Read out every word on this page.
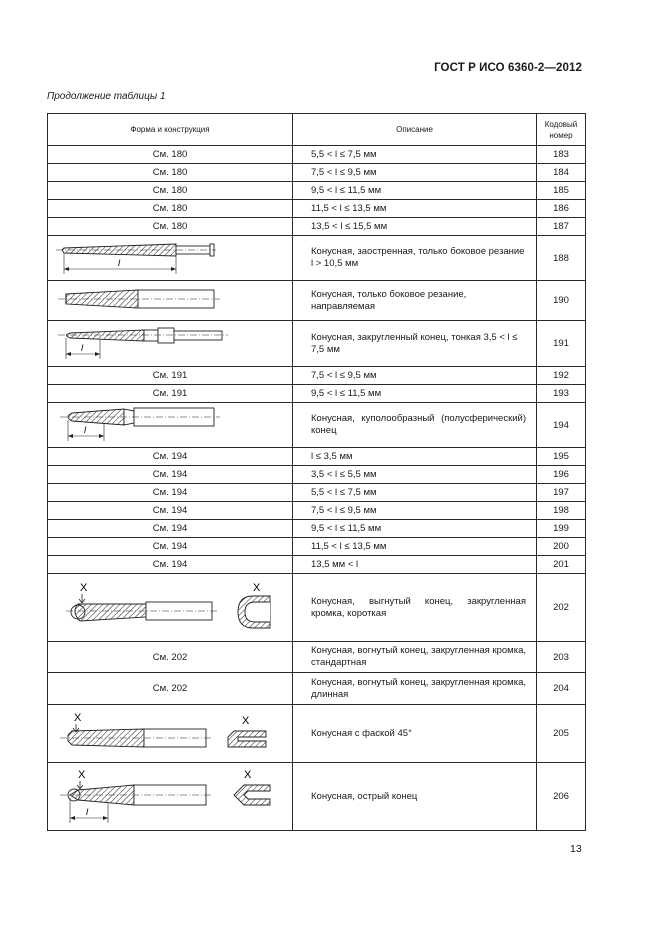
ГОСТ Р ИСО 6360-2—2012
Продолжение таблицы 1
Форма и конструкция	Описание	Кодовый номер
См. 180	5,5 < l ≤ 7,5 мм	183
См. 180	7,5 < l ≤ 9,5 мм	184
См. 180	9,5 < l ≤ 11,5 мм	185
См. 180	11,5 < l ≤ 13,5 мм	186
См. 180	13,5 < l ≤ 15,5 мм	187

l	Конусная, заостренная, только боковое резание l > 10,5 мм	188

	Конусная, только боковое резание, направляемая	190

l	Конусная, закругленный конец, тонкая 3,5 < l ≤ 7,5 мм	191
См. 191	7,5 < l ≤ 9,5 мм	192
См. 191	9,5 < l ≤ 11,5 мм	193

l	Конусная, куполообразный (полусферический) конец	194
См. 194	l ≤ 3,5 мм	195
См. 194	3,5 < l ≤ 5,5 мм	196
См. 194	5,5 < l ≤ 7,5 мм	197
См. 194	7,5 < l ≤ 9,5 мм	198
См. 194	9,5 < l ≤ 11,5 мм	199
См. 194	11,5 < l ≤ 13,5 мм	200
См. 194	13,5 мм < l	201

X X	Конусная, выгнутый конец, закругленная кромка, короткая	202
См. 202	Конусная, вогнутый конец, закругленная кромка, стандартная	203
См. 202	Конусная, вогнутый конец, закругленная кромка, длинная	204

X X	Конусная с фаской 45°	205

X
l
X	Конусная, острый конец	206
13
